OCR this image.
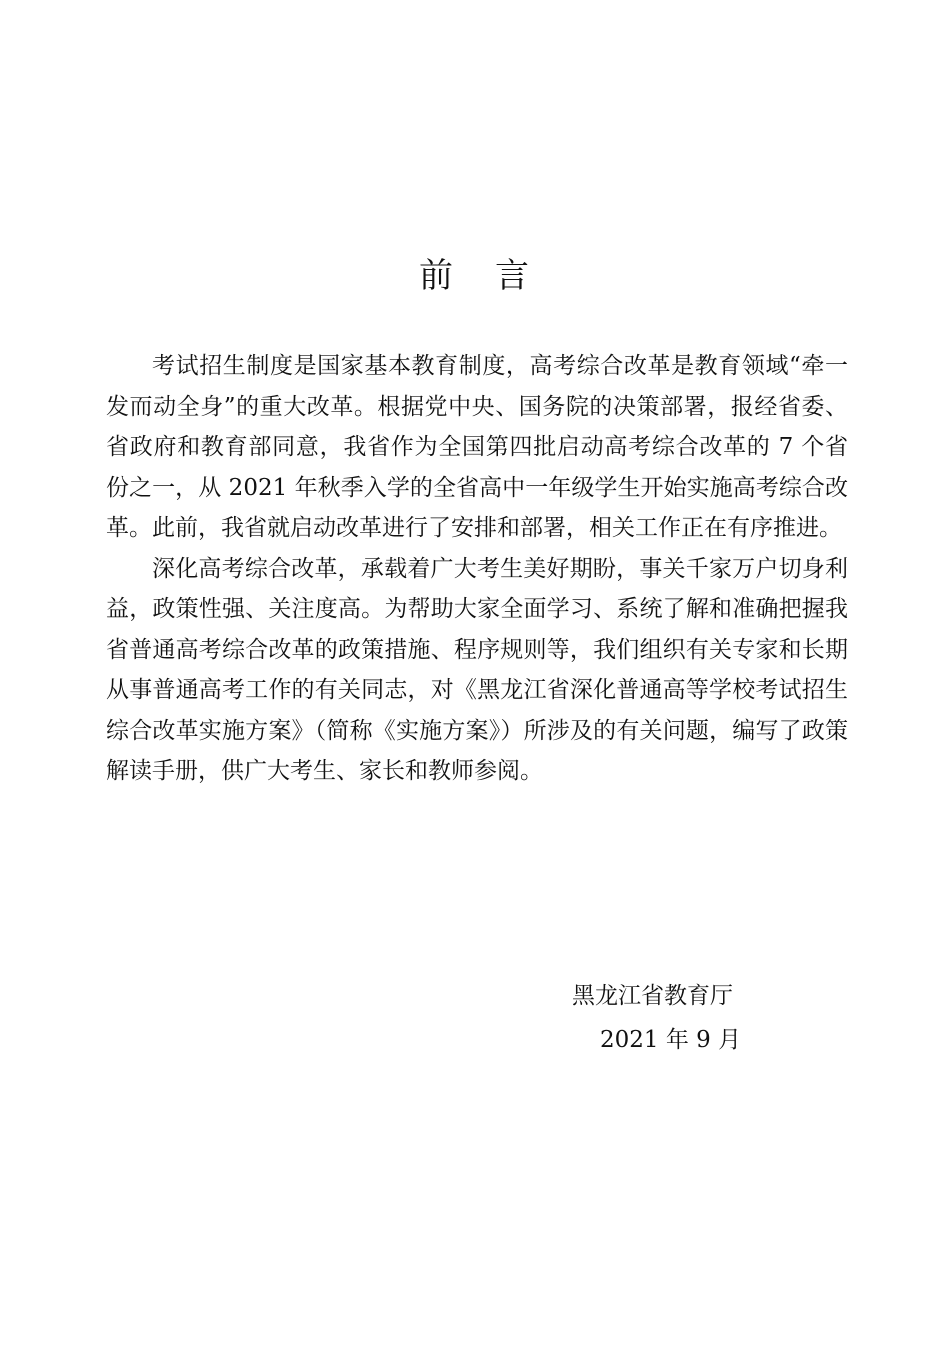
前 言

考试招生制度是国家基本教育制度，高考综合改革是教育领域“牵一发而动全身”的重大改革。根据党中央、国务院的决策部署，报经省委、省政府和教育部同意，我省作为全国第四批启动高考综合改革的 7 个省份之一，从 2021 年秋季入学的全省高中一年级学生开始实施高考综合改革。此前，我省就启动改革进行了安排和部署，相关工作正在有序推进。

深化高考综合改革，承载着广大考生美好期盼，事关千家万户切身利益，政策性强、关注度高。为帮助大家全面学习、系统了解和准确把握我省普通高考综合改革的政策措施、程序规则等，我们组织有关专家和长期从事普通高考工作的有关同志，对《黑龙江省深化普通高等学校考试招生综合改革实施方案》（简称《实施方案》）所涉及的有关问题，编写了政策解读手册，供广大考生、家长和教师参阅。

黑龙江省教育厅
2021 年 9 月
